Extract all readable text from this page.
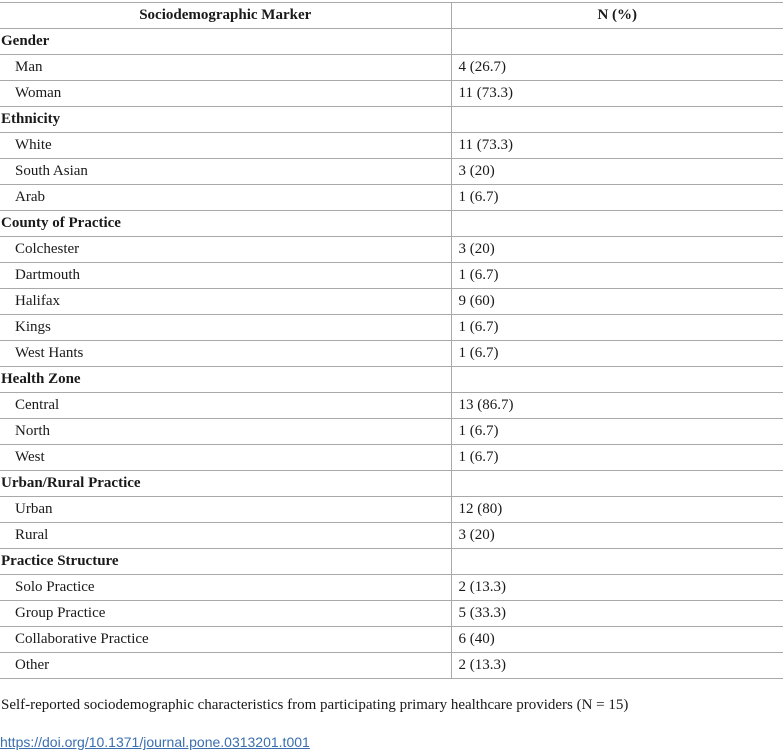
Sociodemographic Marker	N (%)
Gender	
Man	4 (26.7)
Woman	11 (73.3)
Ethnicity	
White	11 (73.3)
South Asian	3 (20)
Arab	1 (6.7)
County of Practice	
Colchester	3 (20)
Dartmouth	1 (6.7)
Halifax	9 (60)
Kings	1 (6.7)
West Hants	1 (6.7)
Health Zone	
Central	13 (86.7)
North	1 (6.7)
West	1 (6.7)
Urban/Rural Practice	
Urban	12 (80)
Rural	3 (20)
Practice Structure	
Solo Practice	2 (13.3)
Group Practice	5 (33.3)
Collaborative Practice	6 (40)
Other	2 (13.3)
Self-reported sociodemographic characteristics from participating primary healthcare providers (N = 15)
https://doi.org/10.1371/journal.pone.0313201.t001
